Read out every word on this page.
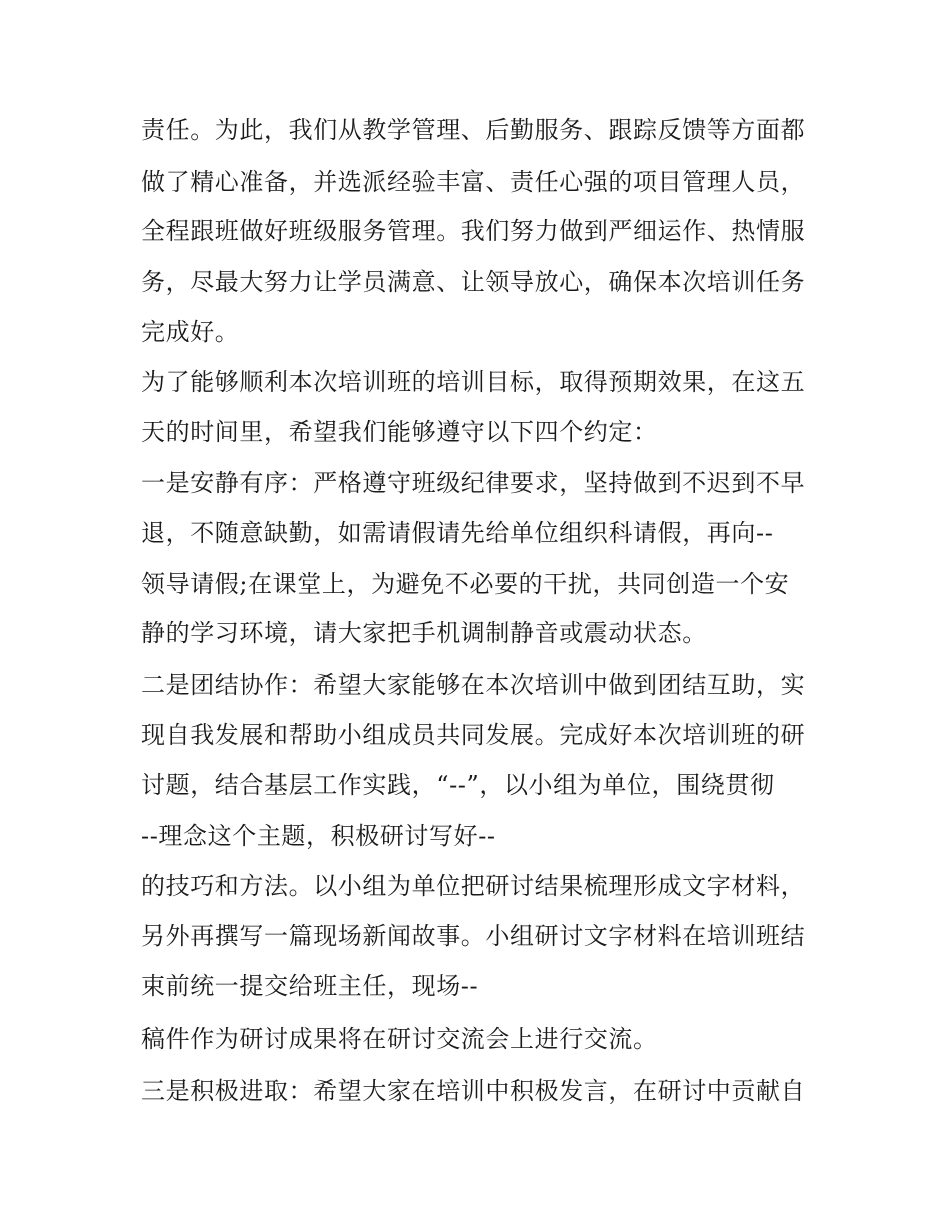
责任。为此，我们从教学管理、后勤服务、跟踪反馈等方面都
做了精心准备，并选派经验丰富、责任心强的项目管理人员，
全程跟班做好班级服务管理。我们努力做到严细运作、热情服
务，尽最大努力让学员满意、让领导放心，确保本次培训任务
完成好。
为了能够顺利本次培训班的培训目标，取得预期效果，在这五
天的时间里，希望我们能够遵守以下四个约定：
一是安静有序：严格遵守班级纪律要求，坚持做到不迟到不早
退，不随意缺勤，如需请假请先给单位组织科请假，再向--
领导请假;在课堂上，为避免不必要的干扰，共同创造一个安
静的学习环境，请大家把手机调制静音或震动状态。
二是团结协作：希望大家能够在本次培训中做到团结互助，实
现自我发展和帮助小组成员共同发展。完成好本次培训班的研
讨题，结合基层工作实践，“--”，以小组为单位，围绕贯彻
--理念这个主题，积极研讨写好--
的技巧和方法。以小组为单位把研讨结果梳理形成文字材料，
另外再撰写一篇现场新闻故事。小组研讨文字材料在培训班结
束前统一提交给班主任，现场--
稿件作为研讨成果将在研讨交流会上进行交流。
三是积极进取：希望大家在培训中积极发言，在研讨中贡献自
